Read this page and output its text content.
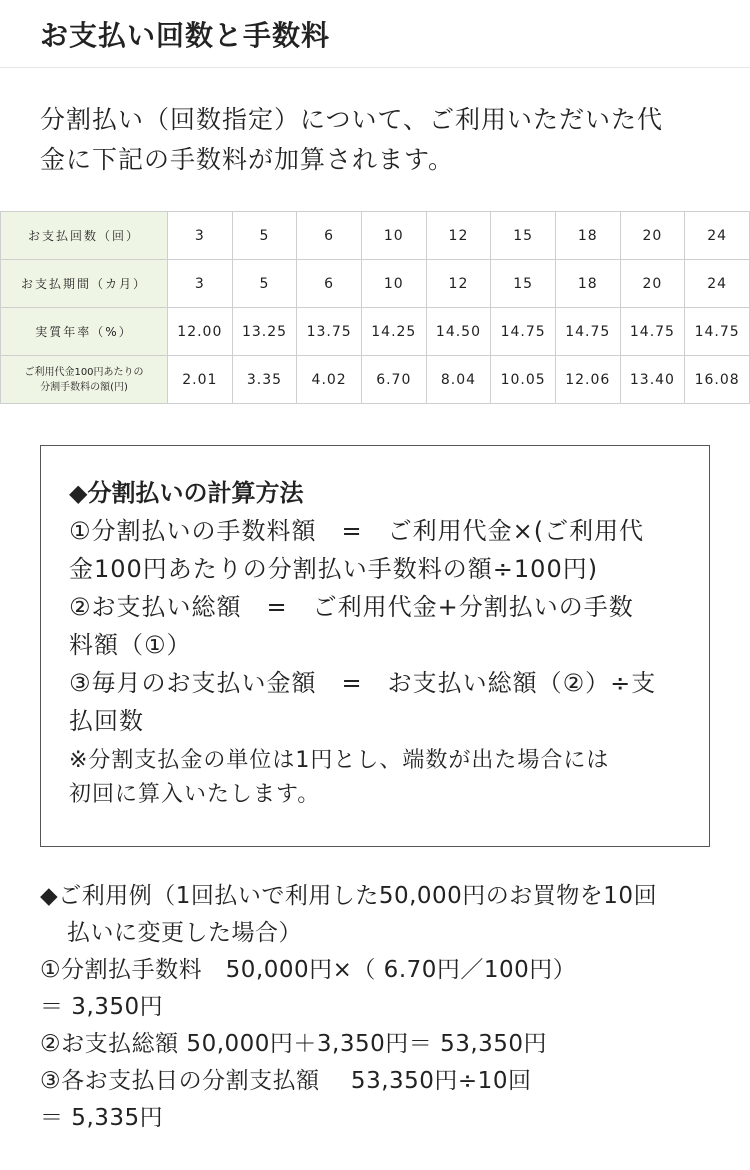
お支払い回数と手数料

分割払い（回数指定）について、ご利用いただいた代
金に下記の手数料が加算されます。

お支払回数（回）	3	5	6	10	12	15	18	20	24
お支払期間（カ月）	3	5	6	10	12	15	18	20	24
実質年率（%）	12.00	13.25	13.75	14.25	14.50	14.75	14.75	14.75	14.75
ご利用代金100円あたりの
分割手数料の額(円)	2.01	3.35	4.02	6.70	8.04	10.05	12.06	13.40	16.08

◆分割払いの計算方法

①分割払いの手数料額　=　ご利用代金×(ご利用代

金100円あたりの分割払い手数料の額÷100円)

②お支払い総額　=　ご利用代金+分割払いの手数

料額（①）

③毎月のお支払い金額　=　お支払い総額（②）÷支

払回数

※分割支払金の単位は1円とし、端数が出た場合には
初回に算入いたします。

◆ご利用例（1回払いで利用した50,000円のお買物を10回

払いに変更した場合）

①分割払手数料　50,000円×（ 6.70円／100円）

＝ 3,350円

②お支払総額 50,000円＋3,350円＝ 53,350円

③各お支払日の分割支払額　 53,350円÷10回

＝ 5,335円
